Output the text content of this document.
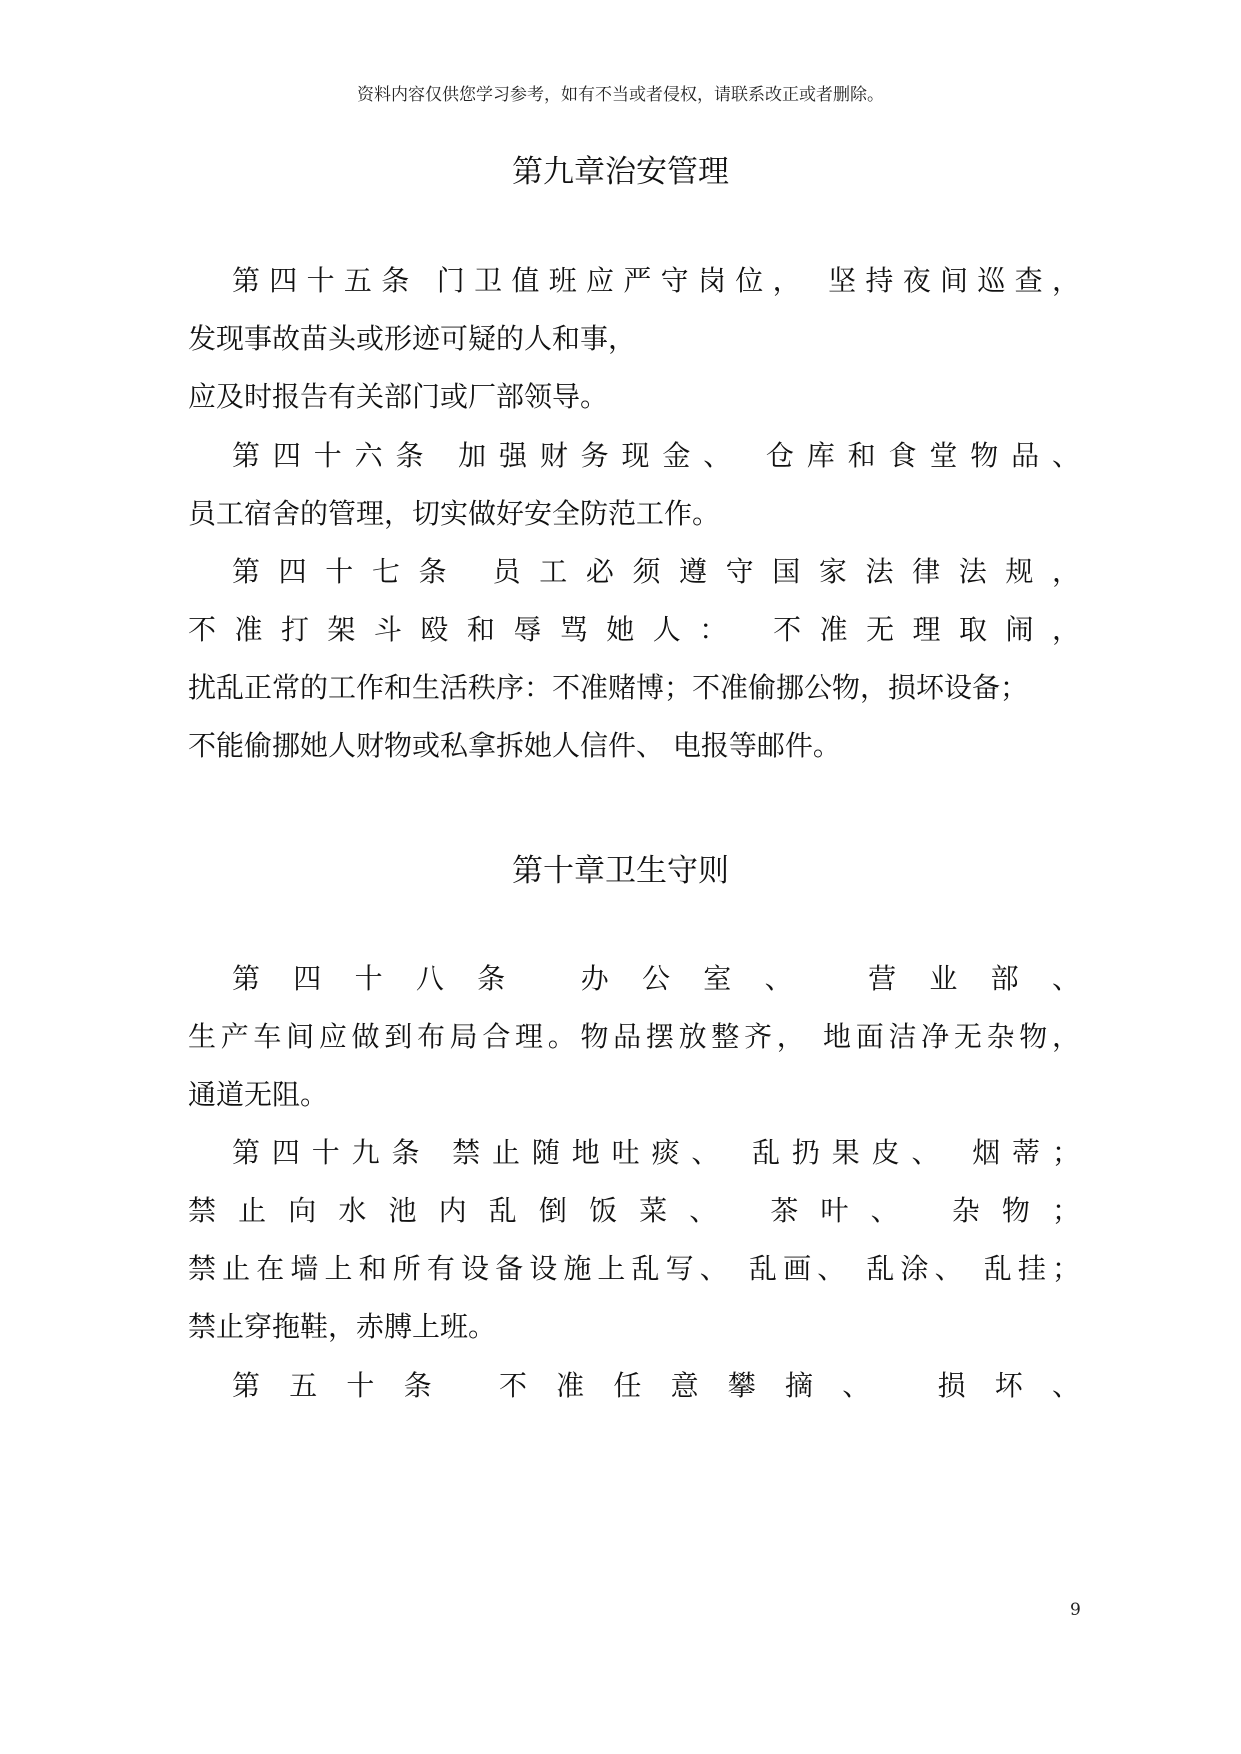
资料内容仅供您学习参考，如有不当或者侵权，请联系改正或者删除。
第九章治安管理
第四十五条 门卫值班应严守岗位， 坚持夜间巡查，
发现事故苗头或形迹可疑的人和事，
应及时报告有关部门或厂部领导。
第四十六条 加强财务现金、 仓库和食堂物品、
员工宿舍的管理，切实做好安全防范工作。
第四十七条 员工必须遵守国家法律法规，
不准打架斗殴和辱骂她人： 不准无理取闹，
扰乱正常的工作和生活秩序：不准赌博；不准偷挪公物，损坏设备；
不能偷挪她人财物或私拿拆她人信件、 电报等邮件。
第十章卫生守则
第四十八条 办公室、 营业部、
生产车间应做到布局合理。物品摆放整齐， 地面洁净无杂物，
通道无阻。
第四十九条 禁止随地吐痰、 乱扔果皮、 烟蒂；
禁止向水池内乱倒饭菜、 茶叶、 杂物；
禁止在墙上和所有设备设施上乱写、 乱画、 乱涂、 乱挂；
禁止穿拖鞋，赤膊上班。
第五十条 不准任意攀摘、 损坏、
9
